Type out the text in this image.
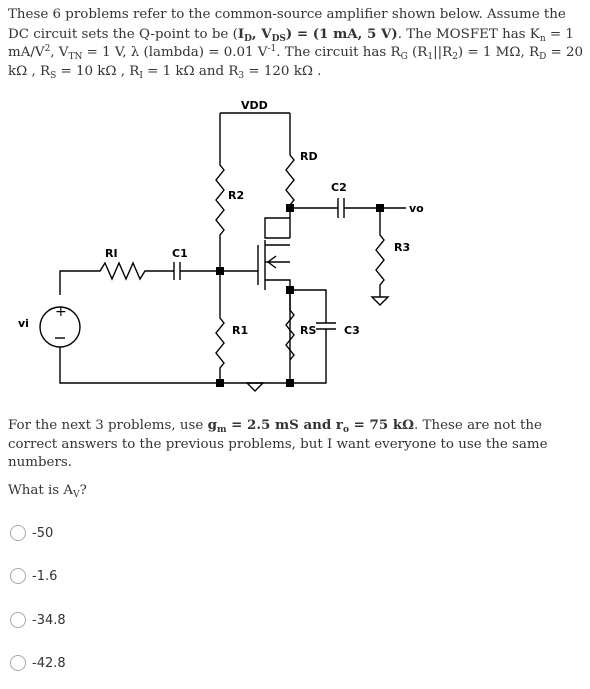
These 6 problems refer to the common-source amplifier shown below. Assume the DC circuit sets the Q-point to be ($I_D$, $V_{DS}) = (1$ mA, 5 V). The MOSFET has $K_n = 1$ $mA/V^2$, $V_{TN} = 1$ V, λ (lambda) = 0.01 $V^{-1}$. The circuit has $R_G$ $(R_1||R_2) = 1$ MΩ, $R_D = 20$ kΩ , $R_S = 10$ kΩ , $R_I = 1$ kΩ and $R_3 = 120$ kΩ .

VDD
RD
C2
vo
R2
RI	C1	R3
vi
+
R1	RS	C3

For the next 3 problems, use $g_m = 2.5$ mS and $r_o = 75$ kΩ. These are not the correct answers to the previous problems, but I want everyone to use the same numbers.

What is $A_V$?

-50
-1.6
-34.8
-42.8
